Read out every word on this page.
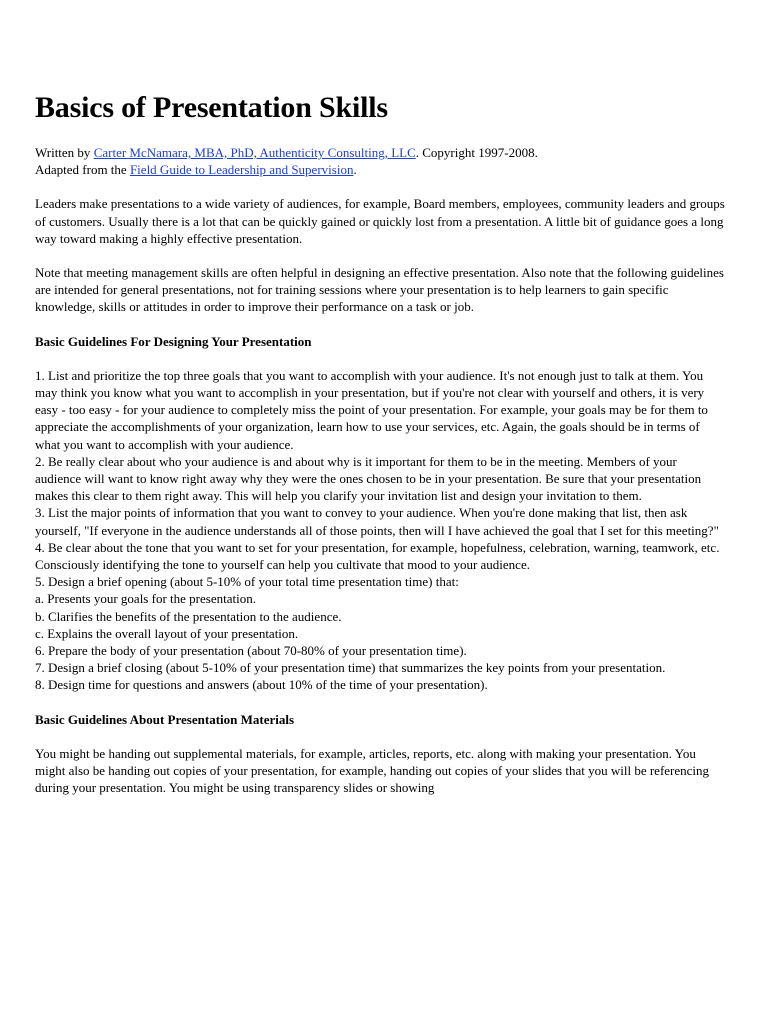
Basics of Presentation Skills

Written by Carter McNamara, MBA, PhD, Authenticity Consulting, LLC. Copyright 1997-2008.
Adapted from the Field Guide to Leadership and Supervision.

Leaders make presentations to a wide variety of audiences, for example, Board members, employees, community leaders and groups of customers. Usually there is a lot that can be quickly gained or quickly lost from a presentation. A little bit of guidance goes a long way toward making a highly effective presentation.

Note that meeting management skills are often helpful in designing an effective presentation. Also note that the following guidelines are intended for general presentations, not for training sessions where your presentation is to help learners to gain specific knowledge, skills or attitudes in order to improve their performance on a task or job.

Basic Guidelines For Designing Your Presentation

1. List and prioritize the top three goals that you want to accomplish with your audience. It's not enough just to talk at them. You may think you know what you want to accomplish in your presentation, but if you're not clear with yourself and others, it is very easy - too easy - for your audience to completely miss the point of your presentation. For example, your goals may be for them to appreciate the accomplishments of your organization, learn how to use your services, etc. Again, the goals should be in terms of what you want to accomplish with your audience.
2. Be really clear about who your audience is and about why is it important for them to be in the meeting. Members of your audience will want to know right away why they were the ones chosen to be in your presentation. Be sure that your presentation makes this clear to them right away. This will help you clarify your invitation list and design your invitation to them.
3. List the major points of information that you want to convey to your audience. When you're done making that list, then ask yourself, "If everyone in the audience understands all of those points, then will I have achieved the goal that I set for this meeting?"
4. Be clear about the tone that you want to set for your presentation, for example, hopefulness, celebration, warning, teamwork, etc. Consciously identifying the tone to yourself can help you cultivate that mood to your audience.
5. Design a brief opening (about 5-10% of your total time presentation time) that:
a. Presents your goals for the presentation.
b. Clarifies the benefits of the presentation to the audience.
c. Explains the overall layout of your presentation.
6. Prepare the body of your presentation (about 70-80% of your presentation time).
7. Design a brief closing (about 5-10% of your presentation time) that summarizes the key points from your presentation.
8. Design time for questions and answers (about 10% of the time of your presentation).

Basic Guidelines About Presentation Materials

You might be handing out supplemental materials, for example, articles, reports, etc. along with making your presentation. You might also be handing out copies of your presentation, for example, handing out copies of your slides that you will be referencing during your presentation. You might be using transparency slides or showing
